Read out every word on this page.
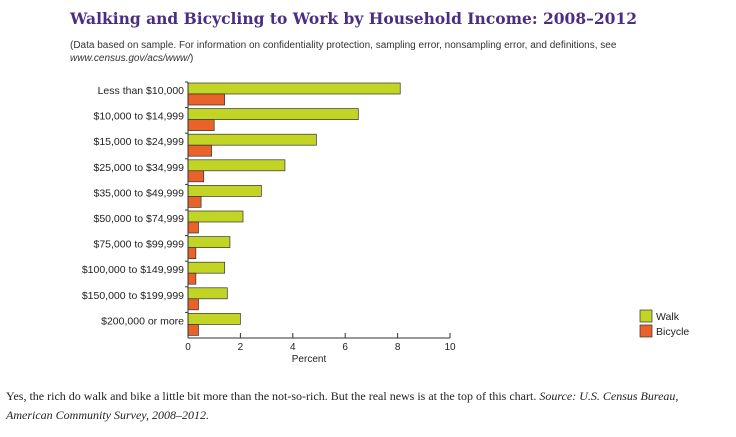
Walking and Bicycling to Work by Household Income: 2008–2012
(Data based on sample. For information on confidentiality protection, sampling error, nonsampling error, and definitions, see www.census.gov/acs/www/)
Less than $10,000
$10,000 to $14,999
$15,000 to $24,999
$25,000 to $34,999
$35,000 to $49,999
$50,000 to $74,999
$75,000 to $99,999
$100,000 to $149,999
$150,000 to $199,999
$200,000 or more
0	2	4	6	8	10
Percent
Walk
Bicycle
Yes, the rich do walk and bike a little bit more than the not-so-rich. But the real news is at the top of this chart. Source: U.S. Census Bureau, American Community Survey, 2008–2012.
